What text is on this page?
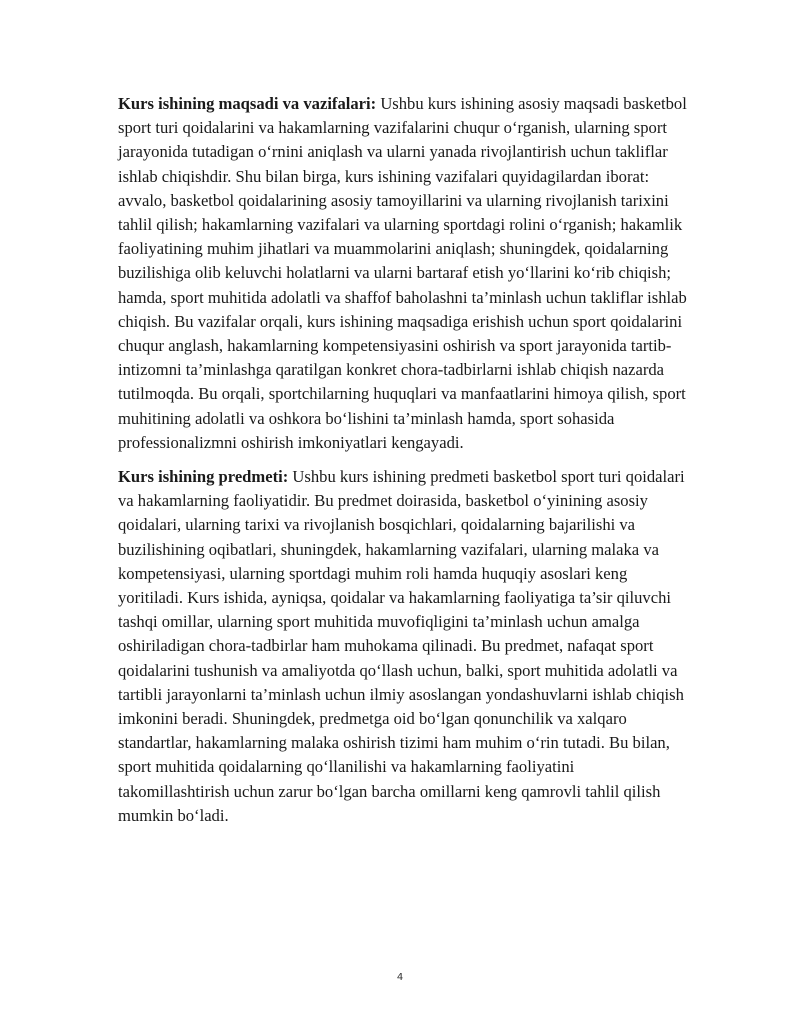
Kurs ishining maqsadi va vazifalari: Ushbu kurs ishining asosiy maqsadi basketbol sport turi qoidalarini va hakamlarning vazifalarini chuqur o‘rganish, ularning sport jarayonida tutadigan o‘rnini aniqlash va ularni yanada rivojlantirish uchun takliflar ishlab chiqishdir. Shu bilan birga, kurs ishining vazifalari quyidagilardan iborat: avvalo, basketbol qoidalarining asosiy tamoyillarini va ularning rivojlanish tarixini tahlil qilish; hakamlarning vazifalari va ularning sportdagi rolini o‘rganish; hakamlik faoliyatining muhim jihatlari va muammolarini aniqlash; shuningdek, qoidalarning buzilishiga olib keluvchi holatlarni va ularni bartaraf etish yo‘llarini ko‘rib chiqish; hamda, sport muhitida adolatli va shaffof baholashni ta’minlash uchun takliflar ishlab chiqish. Bu vazifalar orqali, kurs ishining maqsadiga erishish uchun sport qoidalarini chuqur anglash, hakamlarning kompetensiyasini oshirish va sport jarayonida tartib-intizomni ta’minlashga qaratilgan konkret chora-tadbirlarni ishlab chiqish nazarda tutilmoqda. Bu orqali, sportchilarning huquqlari va manfaatlarini himoya qilish, sport muhitining adolatli va oshkora bo‘lishini ta’minlash hamda, sport sohasida professionalizmni oshirish imkoniyatlari kengayadi.

Kurs ishining predmeti: Ushbu kurs ishining predmeti basketbol sport turi qoidalari va hakamlarning faoliyatidir. Bu predmet doirasida, basketbol o‘yinining asosiy qoidalari, ularning tarixi va rivojlanish bosqichlari, qoidalarning bajarilishi va buzilishining oqibatlari, shuningdek, hakamlarning vazifalari, ularning malaka va kompetensiyasi, ularning sportdagi muhim roli hamda huquqiy asoslari keng yoritiladi. Kurs ishida, ayniqsa, qoidalar va hakamlarning faoliyatiga ta’sir qiluvchi tashqi omillar, ularning sport muhitida muvofiqligini ta’minlash uchun amalga oshiriladigan chora-tadbirlar ham muhokama qilinadi. Bu predmet, nafaqat sport qoidalarini tushunish va amaliyotda qo‘llash uchun, balki, sport muhitida adolatli va tartibli jarayonlarni ta’minlash uchun ilmiy asoslangan yondashuvlarni ishlab chiqish imkonini beradi. Shuningdek, predmetga oid bo‘lgan qonunchilik va xalqaro standartlar, hakamlarning malaka oshirish tizimi ham muhim o‘rin tutadi. Bu bilan, sport muhitida qoidalarning qo‘llanilishi va hakamlarning faoliyatini takomillashtirish uchun zarur bo‘lgan barcha omillarni keng qamrovli tahlil qilish mumkin bo‘ladi.

4
